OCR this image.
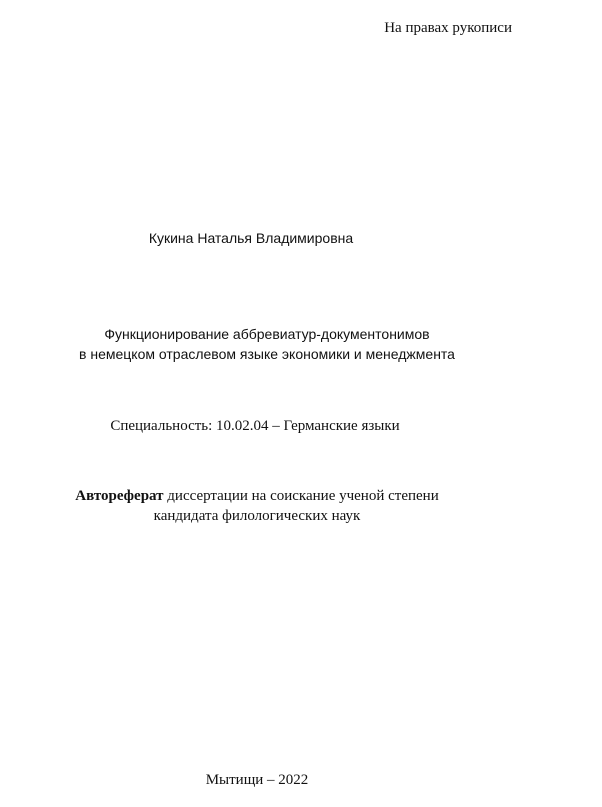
На правах рукописи
Кукина Наталья Владимировна
Функционирование аббревиатур-документонимов
в немецком отраслевом языке экономики и менеджмента
Специальность: 10.02.04 – Германские языки
Автореферат диссертации на соискание ученой степени
кандидата филологических наук
Мытищи – 2022
